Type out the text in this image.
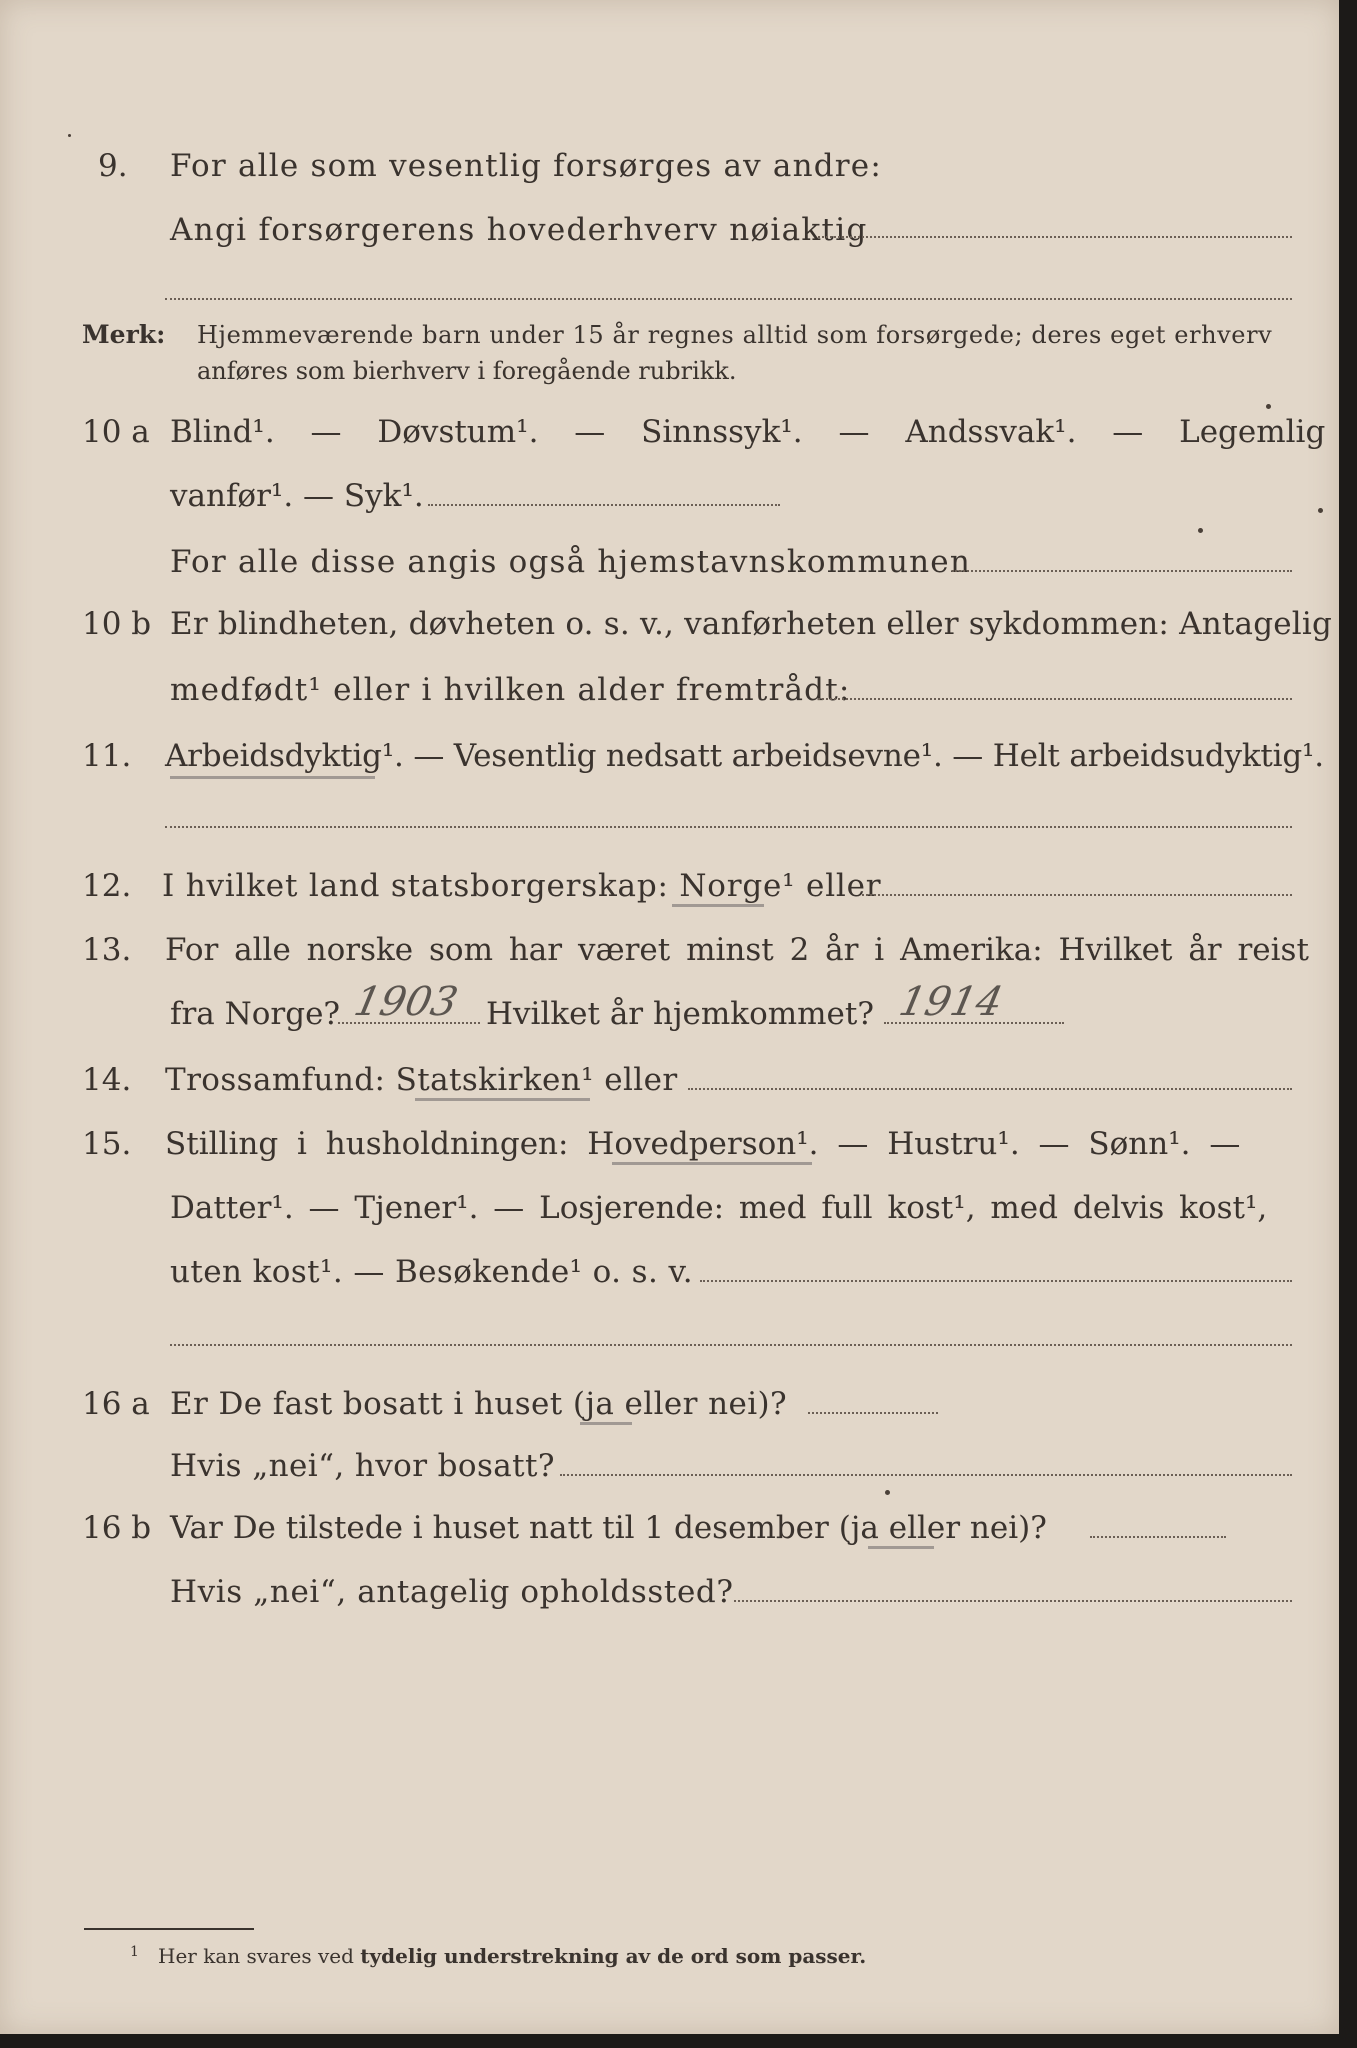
9. For alle som vesentlig forsørges av andre:
Angi forsørgerens hovederhverv nøiaktig
Merk: Hjemmeværende barn under 15 år regnes alltid som forsørgede; deres eget erhverv
anføres som bierhverv i foregående rubrikk.
10 a Blind¹. — Døvstum¹. — Sinnssyk¹. — Andssvak¹. — Legemlig
vanfør¹. — Syk¹.
For alle disse angis også hjemstavnskommunen
10 b Er blindheten, døvheten o. s. v., vanførheten eller sykdommen: Antagelig
medfødt¹ eller i hvilken alder fremtrådt:
11. Arbeidsdyktig¹. — Vesentlig nedsatt arbeidsevne¹. — Helt arbeidsudyktig¹.
12. I hvilket land statsborgerskap: Norge¹ eller
13. For alle norske som har været minst 2 år i Amerika: Hvilket år reist
fra Norge? 1903 Hvilket år hjemkommet? 1914
14. Trossamfund: Statskirken¹ eller
15. Stilling i husholdningen: Hovedperson¹. — Hustru¹. — Sønn¹. —
Datter¹. — Tjener¹. — Losjerende: med full kost¹, med delvis kost¹,
uten kost¹. — Besøkende¹ o. s. v.
16 a Er De fast bosatt i huset (ja eller nei)?
Hvis „nei“, hvor bosatt?
16 b Var De tilstede i huset natt til 1 desember (ja eller nei)?
Hvis „nei“, antagelig opholdssted?
$^1$ Her kan svares ved tydelig understrekning av de ord som passer.
